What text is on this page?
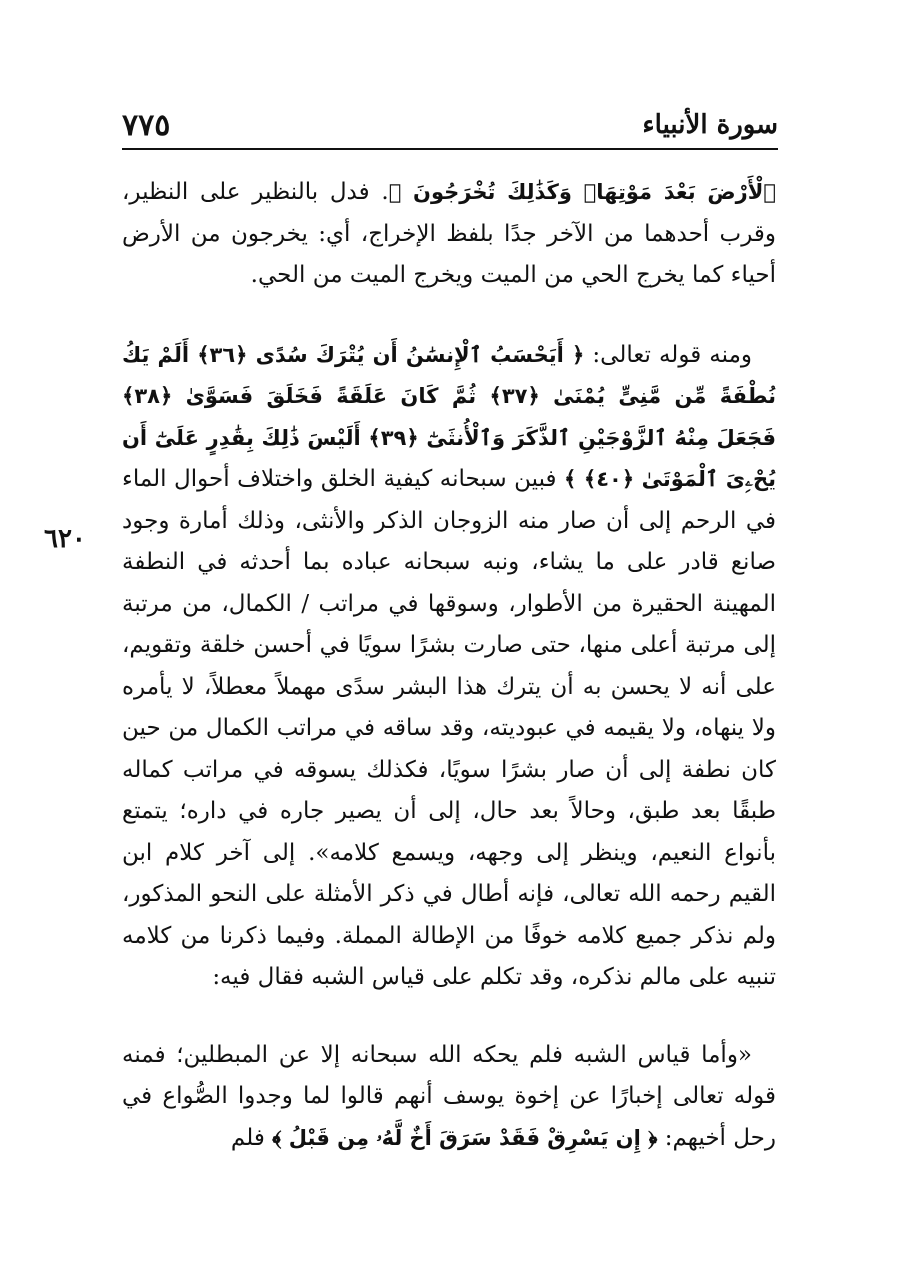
سورة الأنبياء
٧٧٥
٦٢٠

ٱلْأَرْضَ بَعْدَ مَوْتِهَاۚ وَكَذَٰلِكَ تُخْرَجُونَ ﴾. فدل بالنظير على النظير، وقرب أحدهما من الآخر جدًا بلفظ الإخراج، أي: يخرجون من الأرض أحياء كما يخرج الحي من الميت ويخرج الميت من الحي.

ومنه قوله تعالى: ﴿ أَيَحْسَبُ ٱلْإِنسَٰنُ أَن يُتْرَكَ سُدًى ﴿٣٦﴾ أَلَمْ يَكُ نُطْفَةً مِّن مَّنِىٍّ يُمْنَىٰ ﴿٣٧﴾ ثُمَّ كَانَ عَلَقَةً فَخَلَقَ فَسَوَّىٰ ﴿٣٨﴾ فَجَعَلَ مِنْهُ ٱلزَّوْجَيْنِ ٱلذَّكَرَ وَٱلْأُنثَىٰٓ ﴿٣٩﴾ أَلَيْسَ ذَٰلِكَ بِقَٰدِرٍ عَلَىٰٓ أَن يُحْۦِىَ ٱلْمَوْتَىٰ ﴿٤٠﴾ ﴾ فبين سبحانه كيفية الخلق واختلاف أحوال الماء في الرحم إلى أن صار منه الزوجان الذكر والأنثى، وذلك أمارة وجود صانع قادر على ما يشاء، ونبه سبحانه عباده بما أحدثه في النطفة المهينة الحقيرة من الأطوار، وسوقها في مراتب / الكمال، من مرتبة إلى مرتبة أعلى منها، حتى صارت بشرًا سويًا في أحسن خلقة وتقويم، على أنه لا يحسن به أن يترك هذا البشر سدًى مهملاً معطلاً، لا يأمره ولا ينهاه، ولا يقيمه في عبوديته، وقد ساقه في مراتب الكمال من حين كان نطفة إلى أن صار بشرًا سويًا، فكذلك يسوقه في مراتب كماله طبقًا بعد طبق، وحالاً بعد حال، إلى أن يصير جاره في داره؛ يتمتع بأنواع النعيم، وينظر إلى وجهه، ويسمع كلامه». إلى آخر كلام ابن القيم رحمه الله تعالى، فإنه أطال في ذكر الأمثلة على النحو المذكور، ولم نذكر جميع كلامه خوفًا من الإطالة المملة. وفيما ذكرنا من كلامه تنبيه على مالم نذكره، وقد تكلم على قياس الشبه فقال فيه:

«وأما قياس الشبه فلم يحكه الله سبحانه إلا عن المبطلين؛ فمنه قوله تعالى إخبارًا عن إخوة يوسف أنهم قالوا لما وجدوا الصُّواع في رحل أخيهم: ﴿ إِن يَسْرِقْ فَقَدْ سَرَقَ أَخٌ لَّهُۥ مِن قَبْلُ ﴾ فلم
